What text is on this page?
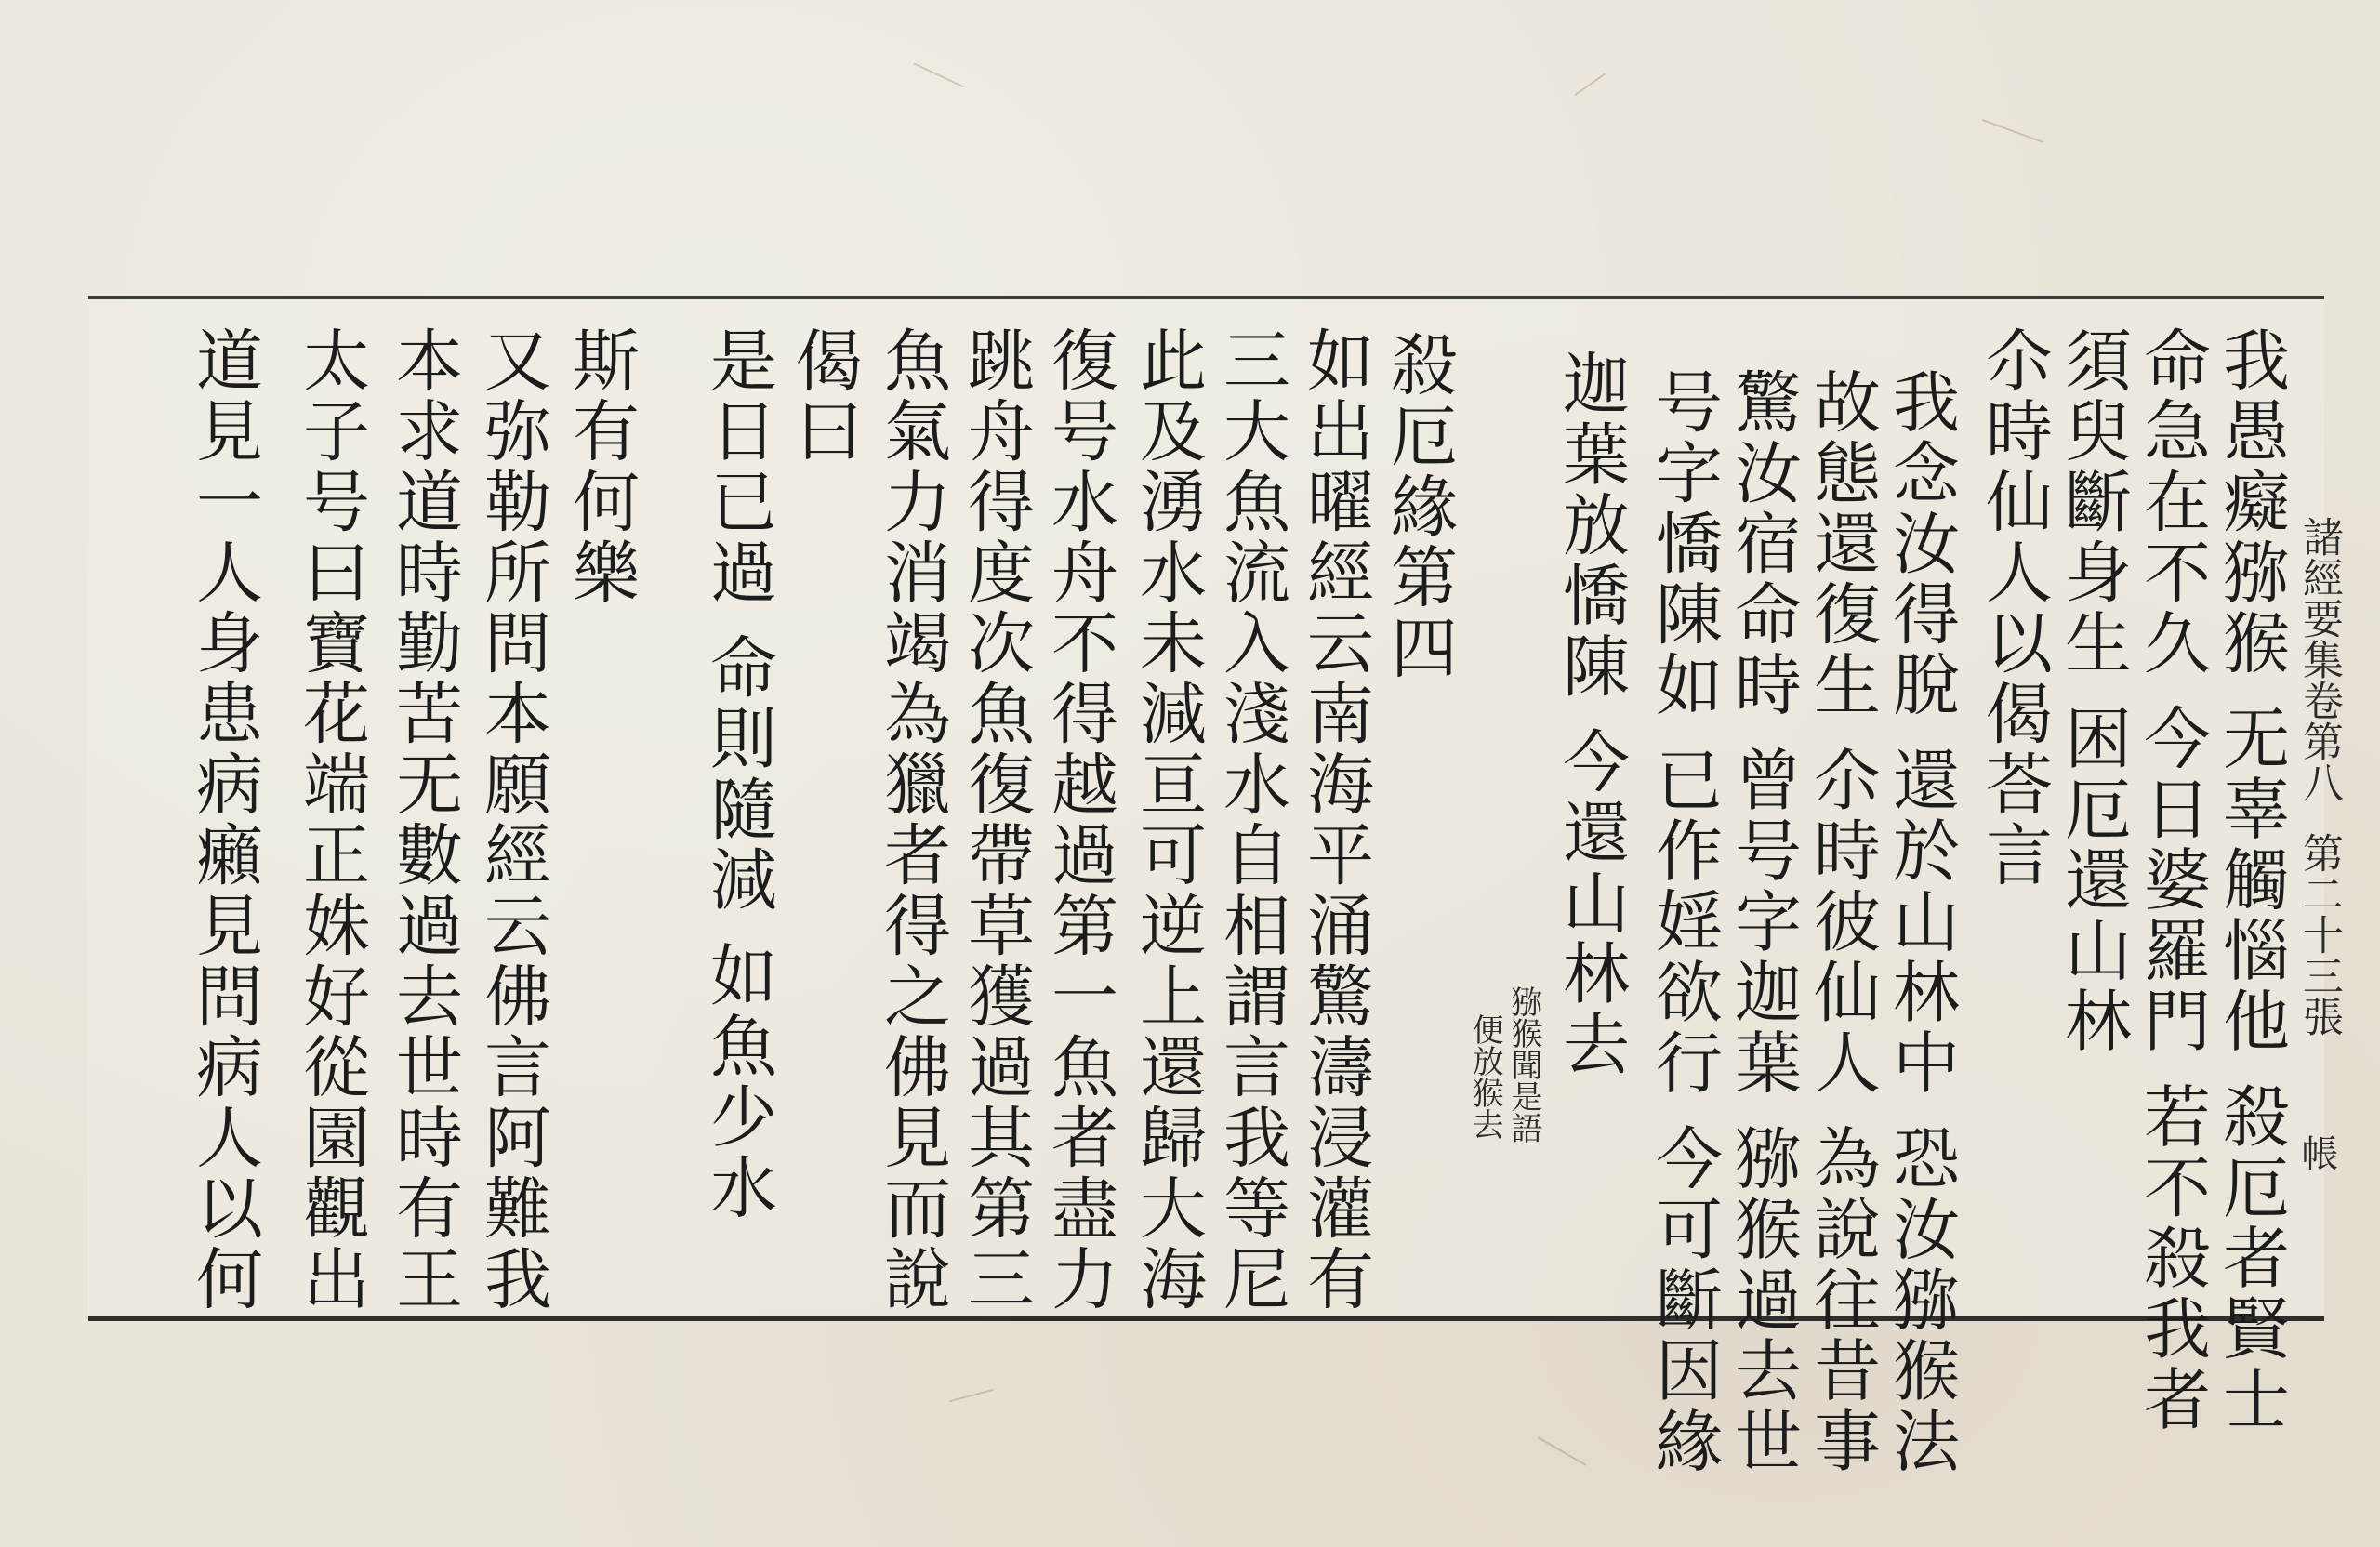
帳
諸經要集卷第八 第二十三張
我愚癡猕猴 无辜觸惱他 殺厄者賢士
命急在不久 今日婆羅門 若不殺我者
須臾斷身生 困厄還山林
尒時仙人以偈荅言
我念汝得脫 還於山林中 恐汝猕猴法
故態還復生 尒時彼仙人 為說往昔事
驚汝宿命時 曾号字迦葉 猕猴過去世
号字憍陳如 已作婬欲行 今可斷因緣
迦葉放憍陳 今還山林去
猕猴聞是語
便放猴去
殺厄緣第四
如出曜經云南海平涌驚濤浸灌有
三大魚流入淺水自相謂言我等尼
此及湧水未減亘可逆上還歸大海
復号水舟不得越過第一魚者盡力
跳舟得度次魚復帶草獲過其第三
魚氣力消竭為獵者得之佛見而說
偈曰
是日已過 命則隨減 如魚少水
斯有何樂
又弥勒所問本願經云佛言阿難我
本求道時勤苦无數過去世時有王
太子号曰寶花端正姝好從園觀出
道見一人身患病癩見問病人以何
